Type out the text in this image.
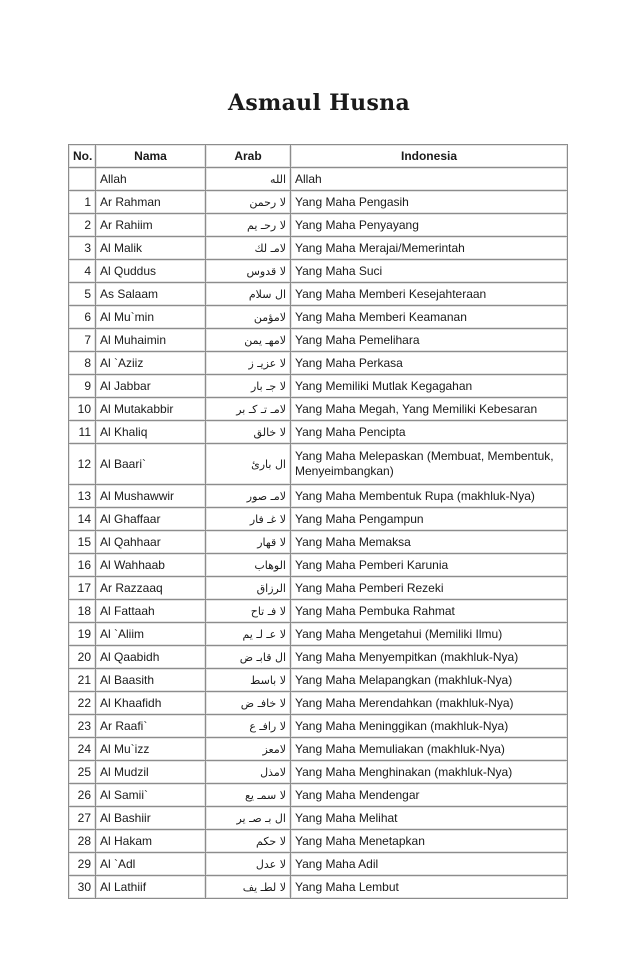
Asmaul Husna
No.	Nama	Arab	Indonesia
	Allah	الله	Allah
1	Ar Rahman	لا رحمن	Yang Maha Pengasih
2	Ar Rahiim	لا رحـ يم	Yang Maha Penyayang
3	Al Malik	لامـ لك	Yang Maha Merajai/Memerintah
4	Al Quddus	لا قدوس	Yang Maha Suci
5	As Salaam	ال سلام	Yang Maha Memberi Kesejahteraan
6	Al Mu`min	لامؤمن	Yang Maha Memberi Keamanan
7	Al Muhaimin	لامهـ يمن	Yang Maha Pemelihara
8	Al `Aziiz	لا عزيـ ز	Yang Maha Perkasa
9	Al Jabbar	لا جـ بار	Yang Memiliki Mutlak Kegagahan
10	Al Mutakabbir	لامـ تـ كـ بر	Yang Maha Megah, Yang Memiliki Kebesaran
11	Al Khaliq	لا خالق	Yang Maha Pencipta
12	Al Baari`	ال بارئ	Yang Maha Melepaskan (Membuat, Membentuk, Menyeimbangkan)
13	Al Mushawwir	لامـ صور	Yang Maha Membentuk Rupa (makhluk-Nya)
14	Al Ghaffaar	لا غـ فار	Yang Maha Pengampun
15	Al Qahhaar	لا قهار	Yang Maha Memaksa
16	Al Wahhaab	الوهاب	Yang Maha Pemberi Karunia
17	Ar Razzaaq	الرزاق	Yang Maha Pemberi Rezeki
18	Al Fattaah	لا فـ تاح	Yang Maha Pembuka Rahmat
19	Al `Aliim	لا عـ لـ يم	Yang Maha Mengetahui (Memiliki Ilmu)
20	Al Qaabidh	ال قابـ ض	Yang Maha Menyempitkan (makhluk-Nya)
21	Al Baasith	لا باسط	Yang Maha Melapangkan (makhluk-Nya)
22	Al Khaafidh	لا خافـ ض	Yang Maha Merendahkan (makhluk-Nya)
23	Ar Raafi`	لا رافـ ع	Yang Maha Meninggikan (makhluk-Nya)
24	Al Mu`izz	لامعز	Yang Maha Memuliakan (makhluk-Nya)
25	Al Mudzil	لامذل	Yang Maha Menghinakan (makhluk-Nya)
26	Al Samii`	لا سمـ يع	Yang Maha Mendengar
27	Al Bashiir	ال بـ صـ ير	Yang Maha Melihat
28	Al Hakam	لا حكم	Yang Maha Menetapkan
29	Al `Adl	لا عدل	Yang Maha Adil
30	Al Lathiif	لا لطـ يف	Yang Maha Lembut
